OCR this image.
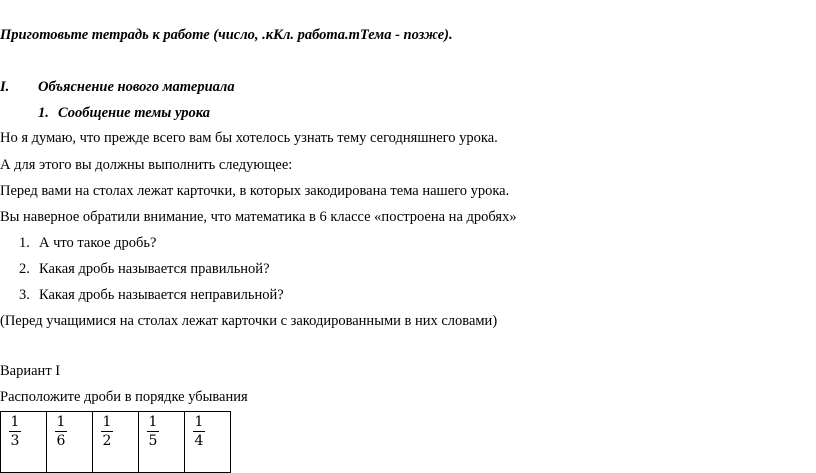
Приготовьте тетрадь к работе (число, .кКл. работа.тТема - позже).
I. Объяснение нового материала
1. Сообщение темы урока
Но я думаю, что прежде всего вам бы хотелось узнать тему сегодняшнего урока.
А для этого вы должны выполнить следующее:
Перед вами на столах лежат карточки, в которых закодирована тема нашего урока.
Вы наверное обратили внимание, что математика в 6 классе «построена на дробях»
1. А что такое дробь?
2. Какая дробь называется правильной?
3. Какая дробь называется неправильной?
(Перед учащимися на столах лежат карточки с закодированными в них словами)
Вариант I
Расположите дроби в порядке убывания
$\frac{1}{3}$	$\frac{1}{6}$	$\frac{1}{2}$	$\frac{1}{5}$	$\frac{1}{4}$
